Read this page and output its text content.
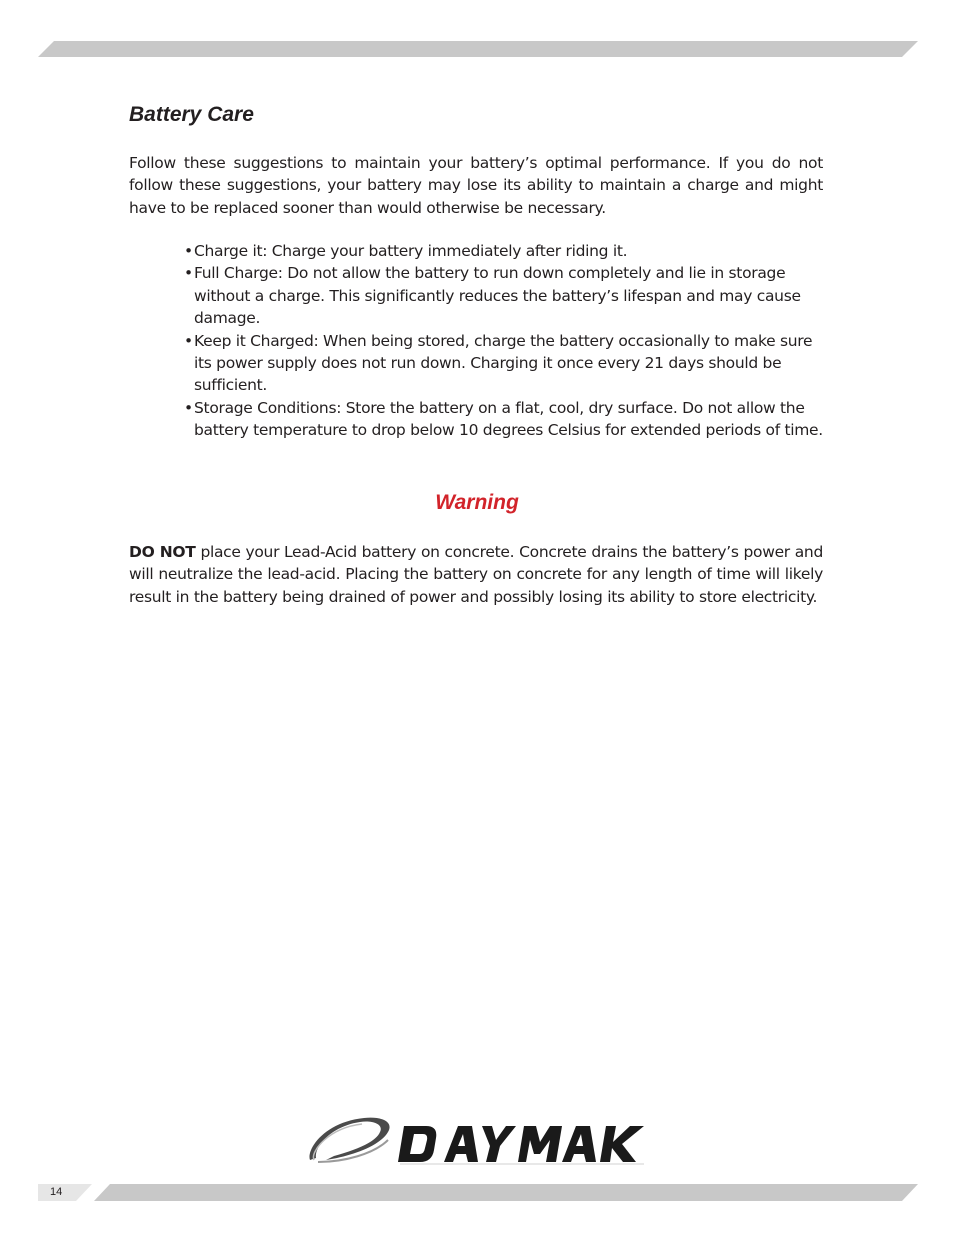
Battery Care

Follow these suggestions to maintain your battery’s optimal performance. If you do not follow these suggestions, your battery may lose its ability to maintain a charge and might have to be replaced sooner than would otherwise be necessary.

• Charge it: Charge your battery immediately after riding it.
• Full Charge: Do not allow the battery to run down completely and lie in storage without a charge. This significantly reduces the battery’s lifespan and may cause damage.
• Keep it Charged: When being stored, charge the battery occasionally to make sure its power supply does not run down. Charging it once every 21 days should be sufficient.
• Storage Conditions: Store the battery on a flat, cool, dry surface. Do not allow the battery temperature to drop below 10 degrees Celsius for extended periods of time.
Warning

DO NOT place your Lead-Acid battery on concrete. Concrete drains the battery’s power and will neutralize the lead-acid. Placing the battery on concrete for any length of time will likely result in the battery being drained of power and possibly losing its ability to store electricity.

14
